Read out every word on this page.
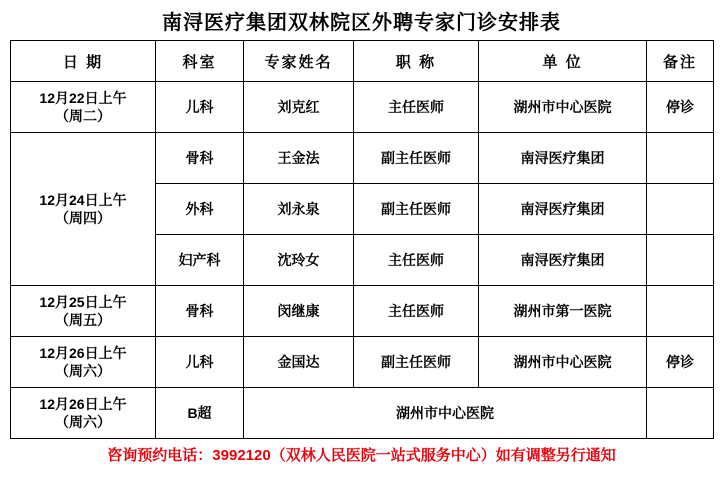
南浔医疗集团双林院区外聘专家门诊安排表
日 期	科室	专家姓名	职 称	单 位	备注

12月22日上午
（周二）	儿科	刘克红	主任医师	湖州市中心医院	停诊

12月24日上午
（周四）	骨科	王金法	副主任医师	南浔医疗集团	
	外科	刘永泉	副主任医师	南浔医疗集团	
	妇产科	沈玲女	主任医师	南浔医疗集团	

12月25日上午
（周五）	骨科	闵继康	主任医师	湖州市第一医院	

12月26日上午
（周六）	儿科	金国达	副主任医师	湖州市中心医院	停诊

12月26日上午
（周六）	B超	湖州市中心医院			
咨询预约电话：3992120（双林人民医院一站式服务中心）如有调整另行通知
